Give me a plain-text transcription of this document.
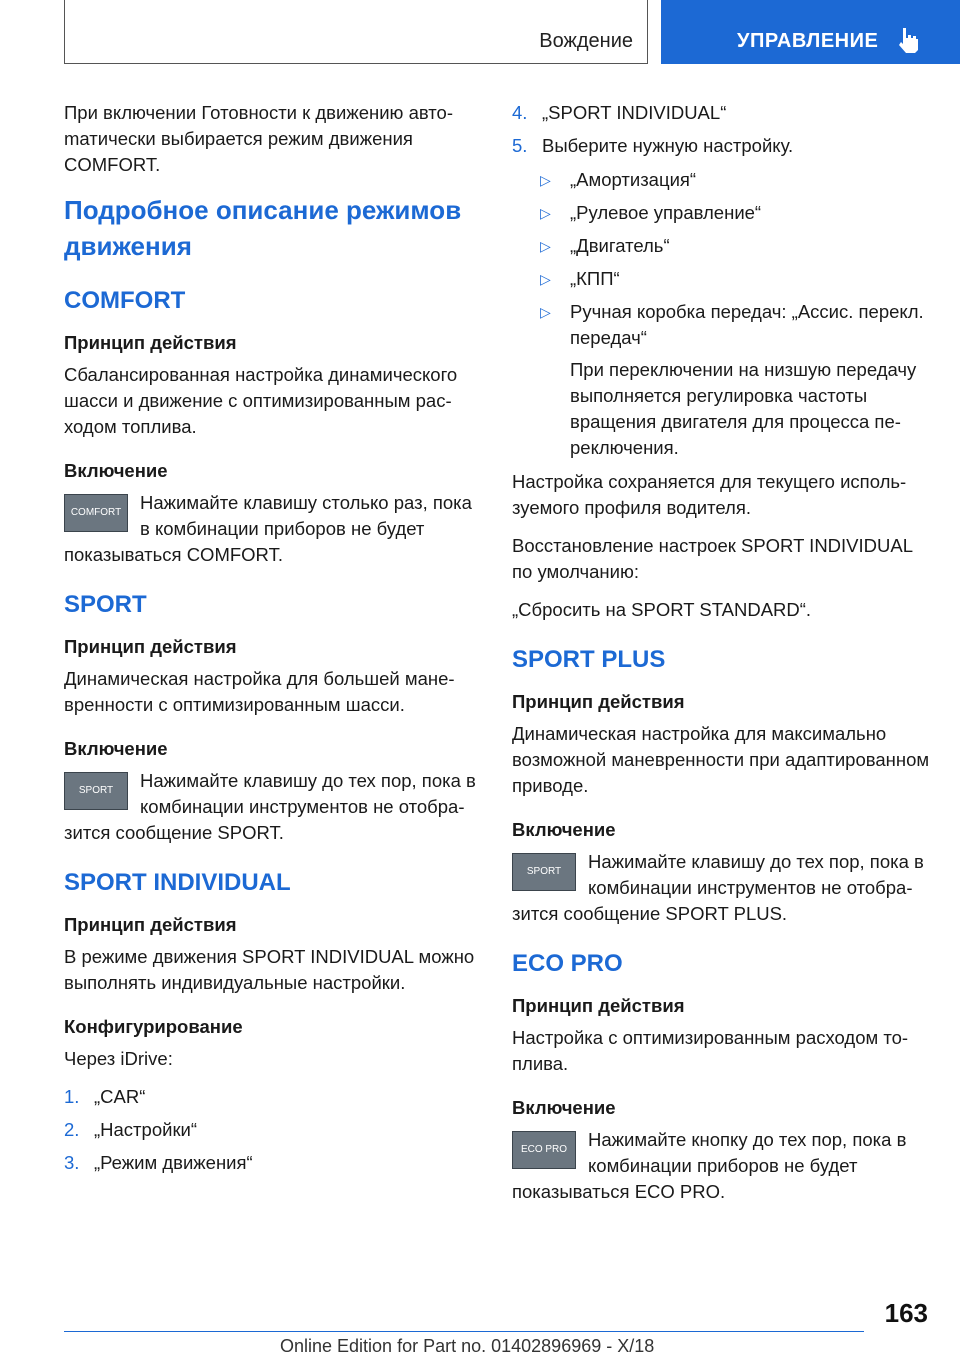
Вождение	УПРАВЛЕНИЕ

При включении Готовности к движению автоmатически выбирается режим движения COMFORT.

Подробное описание режимов движения
COMFORT
Принцип действия

Сбалансированная настройка динамического шасси и движение с оптимизированным расходом топлива.

Включение
COMFORT	Нажимайте клавишу столько раз, пока в комбинации приборов не будет показываться COMFORT.
SPORT
Принцип действия

Динамическая настройка для большей маневренности с оптимизированным шасси.

Включение
SPORT	Нажимайте клавишу до тех пор, пока в комбинации инструментов не отобразится сообщение SPORT.
SPORT INDIVIDUAL
Принцип действия

В режиме движения SPORT INDIVIDUAL можно выполнять индивидуальные настройки.

Конфигурирование

Через iDrive:

1. „CAR“
2. „Настройки“
3. „Режим движения“
4. „SPORT INDIVIDUAL“
5. Выберите нужную настройку.
▷ „Амортизация“
▷ „Рулевое управление“
▷ „Двигатель“
▷ „КПП“
▷ Ручная коробка передач: „Ассис. перекл. передач“
При переключении на низшую передачу выполняется регулировка частоты вращения двигателя для процесса переключения.

Настройка сохраняется для текущего используемого профиля водителя.

Восстановление настроек SPORT INDIVIDUAL по умолчанию:

„Сбросить на SPORT STANDARD“.

SPORT PLUS
Принцип действия

Динамическая настройка для максимально возможной маневренности при адаптированном приводе.

Включение
SPORT	Нажимайте клавишу до тех пор, пока в комбинации инструментов не отобразится сообщение SPORT PLUS.
ECO PRO
Принцип действия

Настройка с оптимизированным расходом топлива.

Включение
ECO PRO	Нажимайте кнопку до тех пор, пока в комбинации приборов не будет показываться ECO PRO.
163
Online Edition for Part no. 01402896969 - X/18
